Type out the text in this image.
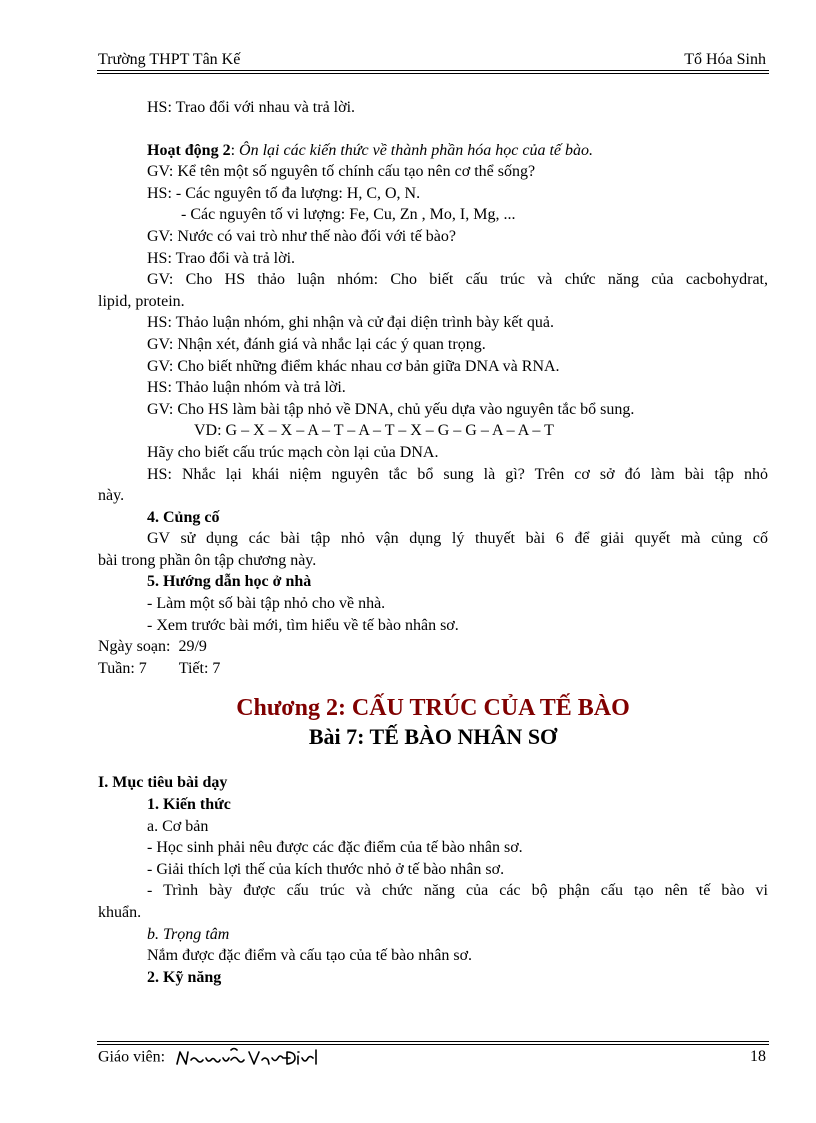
Trường THPT Tân Kế	Tổ Hóa Sinh

HS: Trao đổi với nhau và trả lời.

Hoạt động 2: Ôn lại các kiến thức về thành phần hóa học của tế bào.

GV: Kể tên một số nguyên tố chính cấu tạo nên cơ thể sống?

HS: - Các nguyên tố đa lượng: H, C, O, N.

- Các nguyên tố vi lượng: Fe, Cu, Zn , Mo, I, Mg, ...

GV: Nước có vai trò như thế nào đối với tế bào?

HS: Trao đổi và trả lời.

GV: Cho HS thảo luận nhóm: Cho biết cấu trúc và chức năng của cacbohydrat,

lipid, protein.

HS: Thảo luận nhóm, ghi nhận và cử đại diện trình bày kết quả.

GV: Nhận xét, đánh giá và nhắc lại các ý quan trọng.

GV: Cho biết những điểm khác nhau cơ bản giữa DNA và RNA.

HS: Thảo luận nhóm và trả lời.

GV: Cho HS làm bài tập nhỏ về DNA, chủ yếu dựa vào nguyên tắc bổ sung.

VD: G – X – X – A – T – A – T – X – G – G – A – A – T

Hãy cho biết cấu trúc mạch còn lại của DNA.

HS: Nhắc lại khái niệm nguyên tắc bổ sung là gì? Trên cơ sở đó làm bài tập nhỏ

này.

4. Củng cố

GV sử dụng các bài tập nhỏ vận dụng lý thuyết bài 6 để giải quyết mà củng cố

bài trong phần ôn tập chương này.

5. Hướng dẫn học ở nhà

- Làm một số bài tập nhỏ cho về nhà.

- Xem trước bài mới, tìm hiểu về tế bào nhân sơ.

Ngày soạn: 29/9

Tuần: 7 Tiết: 7

Chương 2: CẤU TRÚC CỦA TẾ BÀO
Bài 7: TẾ BÀO NHÂN SƠ

I. Mục tiêu bài dạy

1. Kiến thức

a. Cơ bản

- Học sinh phải nêu được các đặc điểm của tế bào nhân sơ.

- Giải thích lợi thế của kích thước nhỏ ở tế bào nhân sơ.

- Trình bày được cấu trúc và chức năng của các bộ phận cấu tạo nên tế bào vi

khuẩn.

b. Trọng tâm

Nắm được đặc điểm và cấu tạo của tế bào nhân sơ.

2. Kỹ năng

Giáo viên:	18
